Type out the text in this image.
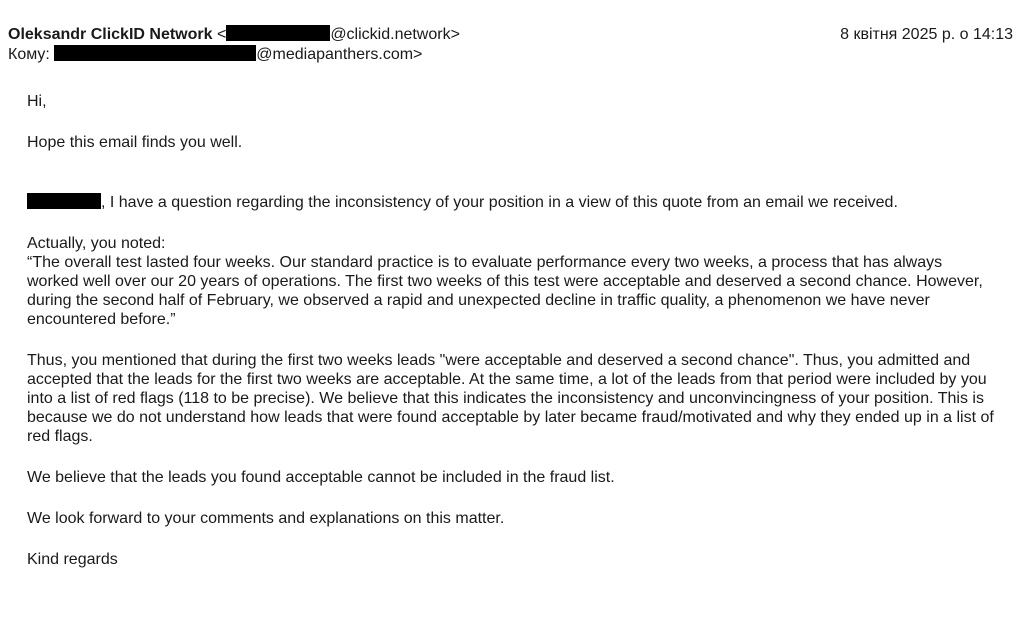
Oleksandr ClickID Network <	@clickid.network>
Кому:	@mediapanthers.com>
8 квітня 2025 р. о 14:13

Hi,

Hope this email finds you well.

, I have a question regarding the inconsistency of your position in a view of this quote from an email we received.

Actually, you noted:
“The overall test lasted four weeks. Our standard practice is to evaluate performance every two weeks, a process that has always worked well over our 20 years of operations. The first two weeks of this test were acceptable and deserved a second chance. However, during the second half of February, we observed a rapid and unexpected decline in traffic quality, a phenomenon we have never encountered before.”

Thus, you mentioned that during the first two weeks leads "were acceptable and deserved a second chance". Thus, you admitted and accepted that the leads for the first two weeks are acceptable. At the same time, a lot of the leads from that period were included by you into a list of red flags (118 to be precise). We believe that this indicates the inconsistency and unconvincingness of your position. This is because we do not understand how leads that were found acceptable by later became fraud/motivated and why they ended up in a list of red flags.

We believe that the leads you found acceptable cannot be included in the fraud list.

We look forward to your comments and explanations on this matter.

Kind regards
